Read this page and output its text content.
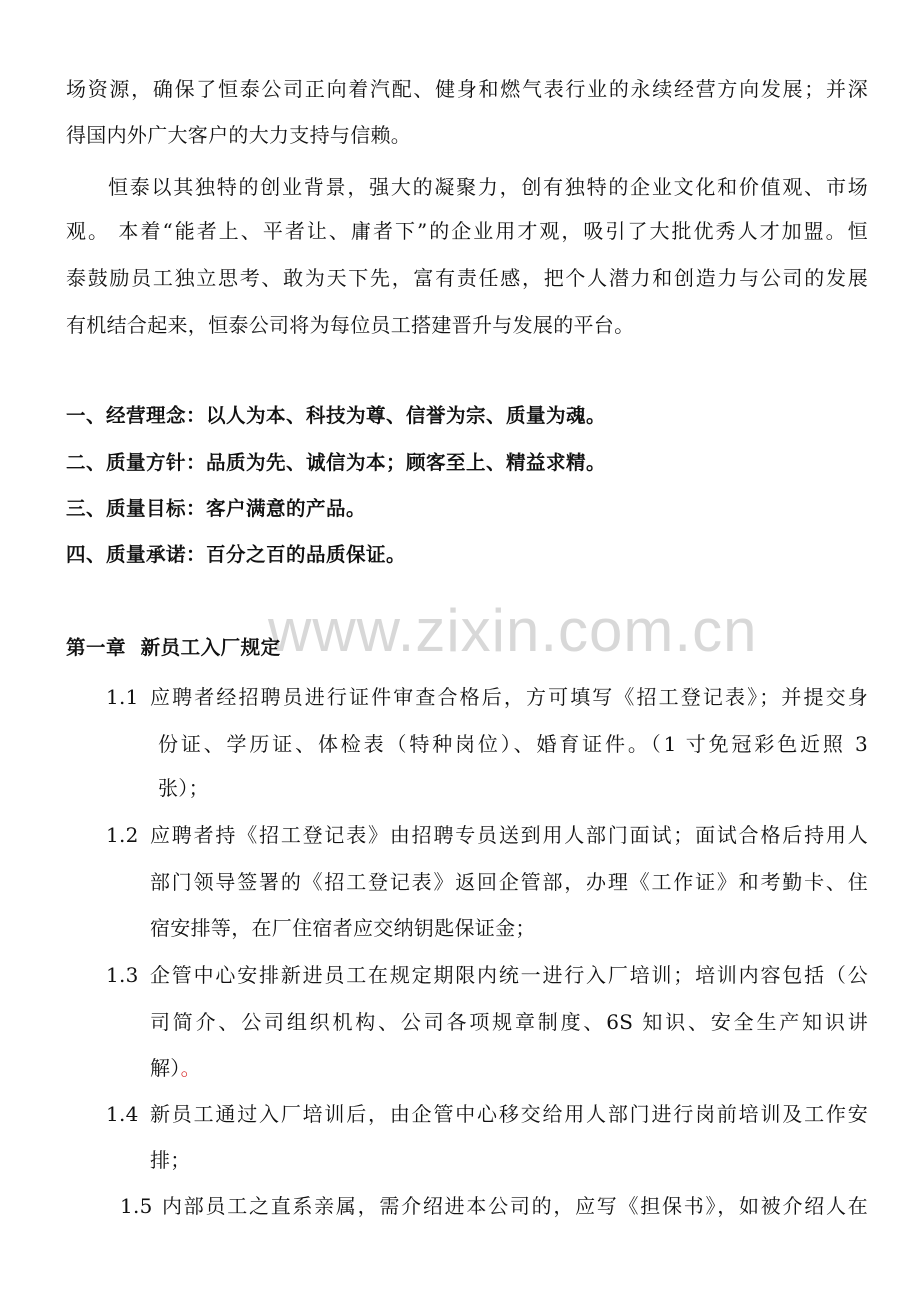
场资源，确保了恒泰公司正向着汽配、健身和燃气表行业的永续经营方向发展；并深
得国内外广大客户的大力支持与信赖。
恒泰以其独特的创业背景，强大的凝聚力，创有独特的企业文化和价值观、市场
观。 本着“能者上、平者让、庸者下”的企业用才观，吸引了大批优秀人才加盟。恒
泰鼓励员工独立思考、敢为天下先，富有责任感，把个人潜力和创造力与公司的发展
有机结合起来，恒泰公司将为每位员工搭建晋升与发展的平台。
一、经营理念：以人为本、科技为尊、信誉为宗、质量为魂。
二、质量方针：品质为先、诚信为本；顾客至上、精益求精。
三、质量目标：客户满意的产品。
四、质量承诺：百分之百的品质保证。
www.zixin.com.cn
第一章  新员工入厂规定
1.1 应聘者经招聘员进行证件审查合格后，方可填写《招工登记表》；并提交身
份证、学历证、体检表（特种岗位）、婚育证件。（1 寸免冠彩色近照 3
张）；
1.2 应聘者持《招工登记表》由招聘专员送到用人部门面试；面试合格后持用人
部门领导签署的《招工登记表》返回企管部，办理《工作证》和考勤卡、住
宿安排等，在厂住宿者应交纳钥匙保证金；
1.3 企管中心安排新进员工在规定期限内统一进行入厂培训；培训内容包括（公
司简介、公司组织机构、公司各项规章制度、6S 知识、安全生产知识讲
解）。
1.4 新员工通过入厂培训后，由企管中心移交给用人部门进行岗前培训及工作安
排；
1.5 内部员工之直系亲属，需介绍进本公司的，应写《担保书》，如被介绍人在
